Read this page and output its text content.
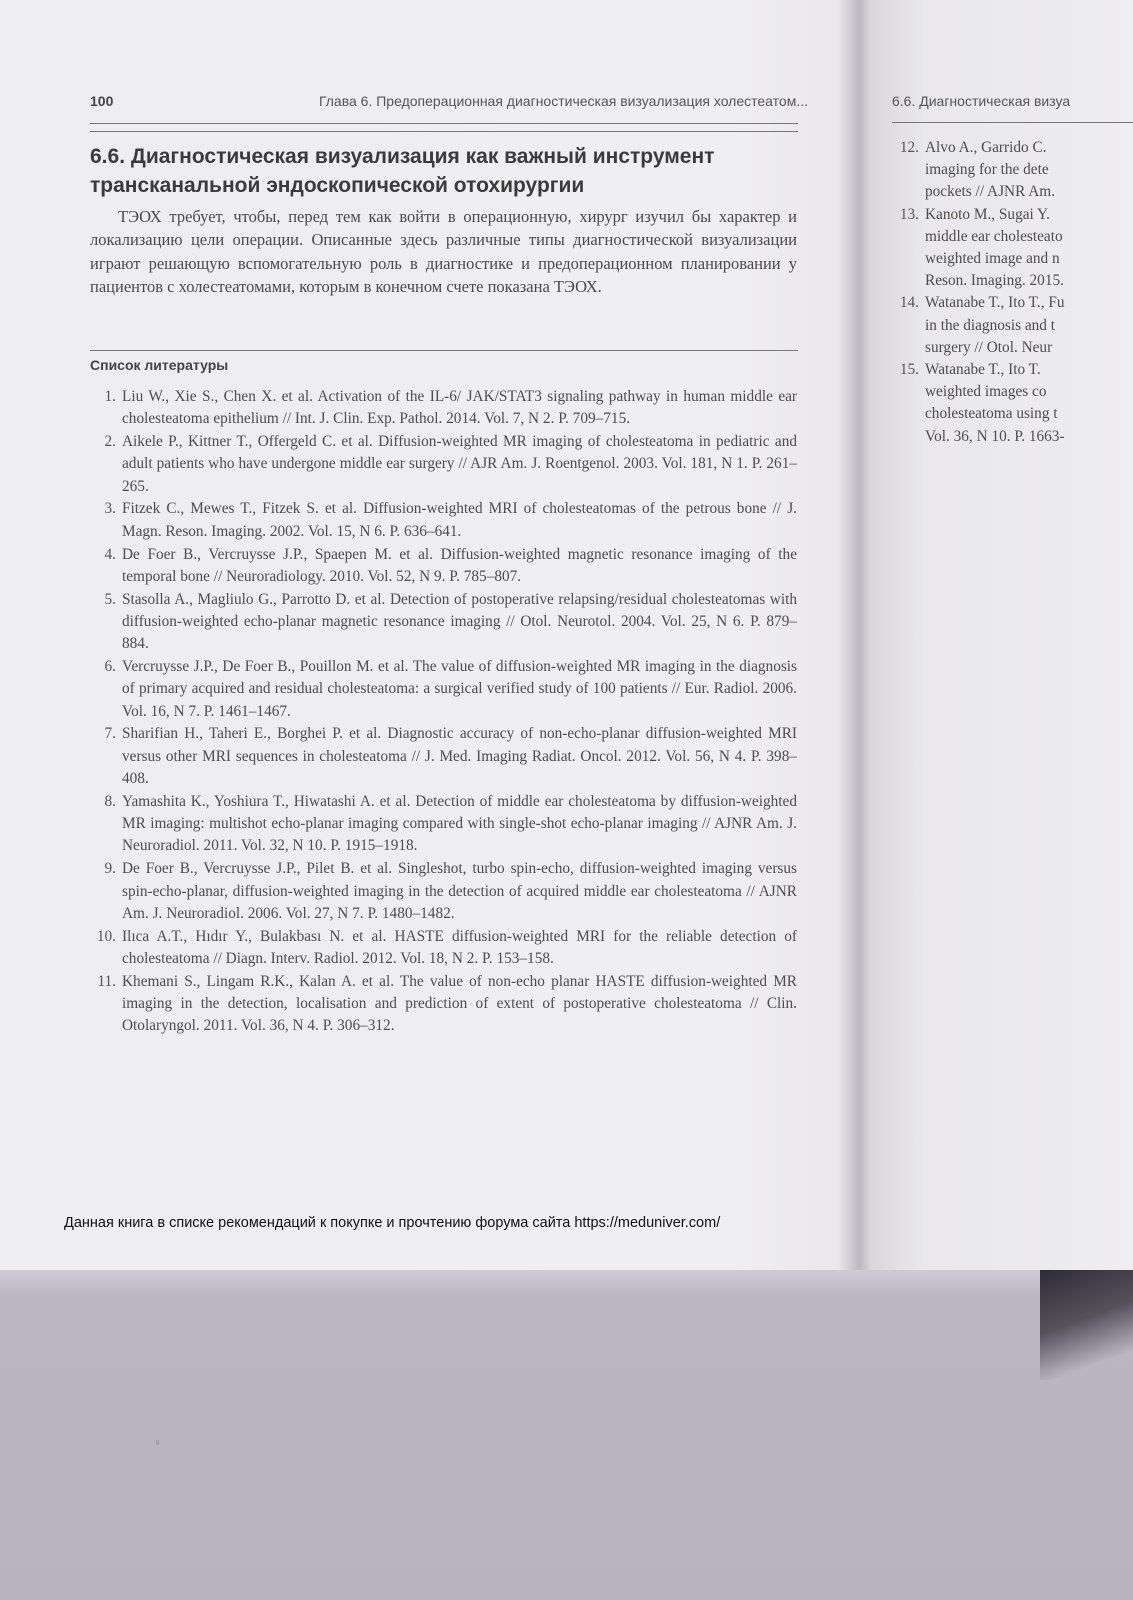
100	Глава 6. Предоперационная диагностическая визуализация холестеатом...
6.6. Диагностическая визуализация как важный инструмент трансканальной эндоскопической отохирургии

ТЭОХ требует, чтобы, перед тем как войти в операционную, хирург изучил бы характер и локализацию цели операции. Описанные здесь различные типы диагностической визуализации играют решающую вспомогательную роль в диагностике и предоперационном планировании у пациентов с холестеатомами, которым в конечном счете показана ТЭОХ.

Список литературы
1. Liu W., Xie S., Chen X. et al. Activation of the IL-6/ JAK/STAT3 signaling pathway in human middle ear cholesteatoma epithelium // Int. J. Clin. Exp. Pathol. 2014. Vol. 7, N 2. P. 709–715.
2. Aikele P., Kittner T., Offergeld C. et al. Diffusion-weighted MR imaging of cholesteatoma in pediatric and adult patients who have undergone middle ear surgery // AJR Am. J. Roentgenol. 2003. Vol. 181, N 1. P. 261–265.
3. Fitzek C., Mewes T., Fitzek S. et al. Diffusion-weighted MRI of cholesteatomas of the petrous bone // J. Magn. Reson. Imaging. 2002. Vol. 15, N 6. P. 636–641.
4. De Foer B., Vercruysse J.P., Spaepen M. et al. Diffusion-weighted magnetic resonance imaging of the temporal bone // Neuroradiology. 2010. Vol. 52, N 9. P. 785–807.
5. Stasolla A., Magliulo G., Parrotto D. et al. Detection of postoperative relapsing/residual cholesteatomas with diffusion-weighted echo-planar magnetic resonance imaging // Otol. Neurotol. 2004. Vol. 25, N 6. P. 879–884.
6. Vercruysse J.P., De Foer B., Pouillon M. et al. The value of diffusion-weighted MR imaging in the diagnosis of primary acquired and residual cholesteatoma: a surgical verified study of 100 patients // Eur. Radiol. 2006. Vol. 16, N 7. P. 1461–1467.
7. Sharifian H., Taheri E., Borghei P. et al. Diagnostic accuracy of non-echo-planar diffusion-weighted MRI versus other MRI sequences in cholesteatoma // J. Med. Imaging Radiat. Oncol. 2012. Vol. 56, N 4. P. 398–408.
8. Yamashita K., Yoshiura T., Hiwatashi A. et al. Detection of middle ear cholesteatoma by diffusion-weighted MR imaging: multishot echo-planar imaging compared with single-shot echo-planar imaging // AJNR Am. J. Neuroradiol. 2011. Vol. 32, N 10. P. 1915–1918.
9. De Foer B., Vercruysse J.P., Pilet B. et al. Singleshot, turbo spin-echo, diffusion-weighted imaging versus spin-echo-planar, diffusion-weighted imaging in the detection of acquired middle ear cholesteatoma // AJNR Am. J. Neuroradiol. 2006. Vol. 27, N 7. P. 1480–1482.
10. Ilıca A.T., Hıdır Y., Bulakbası N. et al. HASTE diffusion-weighted MRI for the reliable detection of cholesteatoma // Diagn. Interv. Radiol. 2012. Vol. 18, N 2. P. 153–158.
11. Khemani S., Lingam R.K., Kalan A. et al. The value of non-echo planar HASTE diffusion-weighted MR imaging in the detection, localisation and prediction of extent of postoperative cholesteatoma // Clin. Otolaryngol. 2011. Vol. 36, N 4. P. 306–312.
6.6. Диагностическая визуа
12. Alvo A., Garrido C.
imaging for the dete
pockets // AJNR Am.
13. Kanoto M., Sugai Y.
middle ear cholesteato
weighted image and n
Reson. Imaging. 2015.
14. Watanabe T., Ito T., Fu
in the diagnosis and t
surgery // Otol. Neur
15. Watanabe T., Ito T.
weighted images co
cholesteatoma using t
Vol. 36, N 10. P. 1663-
Данная книга в списке рекомендаций к покупке и прочтению форума сайта https://meduniver.com/
